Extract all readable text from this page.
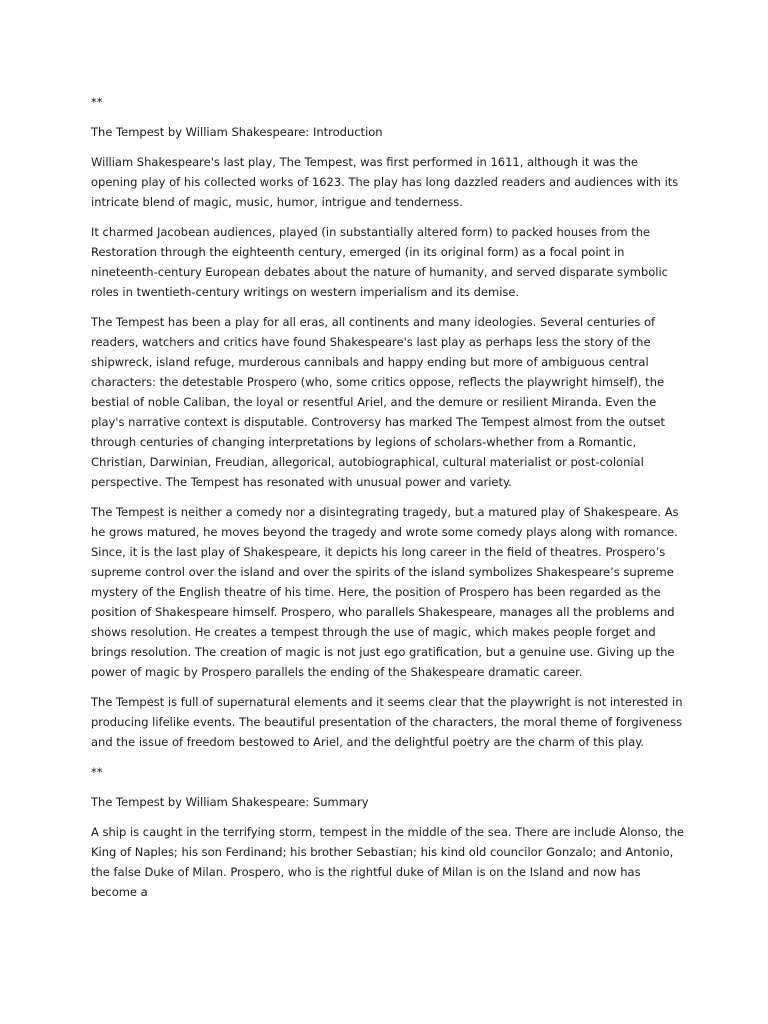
**
The Tempest by William Shakespeare: Introduction

William Shakespeare's last play, The Tempest, was first performed in 1611, although it was the opening play of his collected works of 1623. The play has long dazzled readers and audiences with its intricate blend of magic, music, humor, intrigue and tenderness.

It charmed Jacobean audiences, played (in substantially altered form) to packed houses from the Restoration through the eighteenth century, emerged (in its original form) as a focal point in nineteenth-century European debates about the nature of humanity, and served disparate symbolic roles in twentieth-century writings on western imperialism and its demise.

The Tempest has been a play for all eras, all continents and many ideologies. Several centuries of readers, watchers and critics have found Shakespeare's last play as perhaps less the story of the shipwreck, island refuge, murderous cannibals and happy ending but more of ambiguous central characters: the detestable Prospero (who, some critics oppose, reflects the playwright himself), the bestial of noble Caliban, the loyal or resentful Ariel, and the demure or resilient Miranda. Even the play's narrative context is disputable. Controversy has marked The Tempest almost from the outset through centuries of changing interpretations by legions of scholars-whether from a Romantic, Christian, Darwinian, Freudian, allegorical, autobiographical, cultural materialist or post-colonial perspective. The Tempest has resonated with unusual power and variety.

The Tempest is neither a comedy nor a disintegrating tragedy, but a matured play of Shakespeare. As he grows matured, he moves beyond the tragedy and wrote some comedy plays along with romance. Since, it is the last play of Shakespeare, it depicts his long career in the field of theatres. Prospero’s supreme control over the island and over the spirits of the island symbolizes Shakespeare’s supreme mystery of the English theatre of his time. Here, the position of Prospero has been regarded as the position of Shakespeare himself. Prospero, who parallels Shakespeare, manages all the problems and shows resolution. He creates a tempest through the use of magic, which makes people forget and brings resolution. The creation of magic is not just ego gratification, but a genuine use. Giving up the power of magic by Prospero parallels the ending of the Shakespeare dramatic career.

The Tempest is full of supernatural elements and it seems clear that the playwright is not interested in producing lifelike events. The beautiful presentation of the characters, the moral theme of forgiveness and the issue of freedom bestowed to Ariel, and the delightful poetry are the charm of this play.

**
The Tempest by William Shakespeare: Summary

A ship is caught in the terrifying storm, tempest in the middle of the sea. There are include Alonso, the King of Naples; his son Ferdinand; his brother Sebastian; his kind old councilor Gonzalo; and Antonio, the false Duke of Milan. Prospero, who is the rightful duke of Milan is on the Island and now has become a
